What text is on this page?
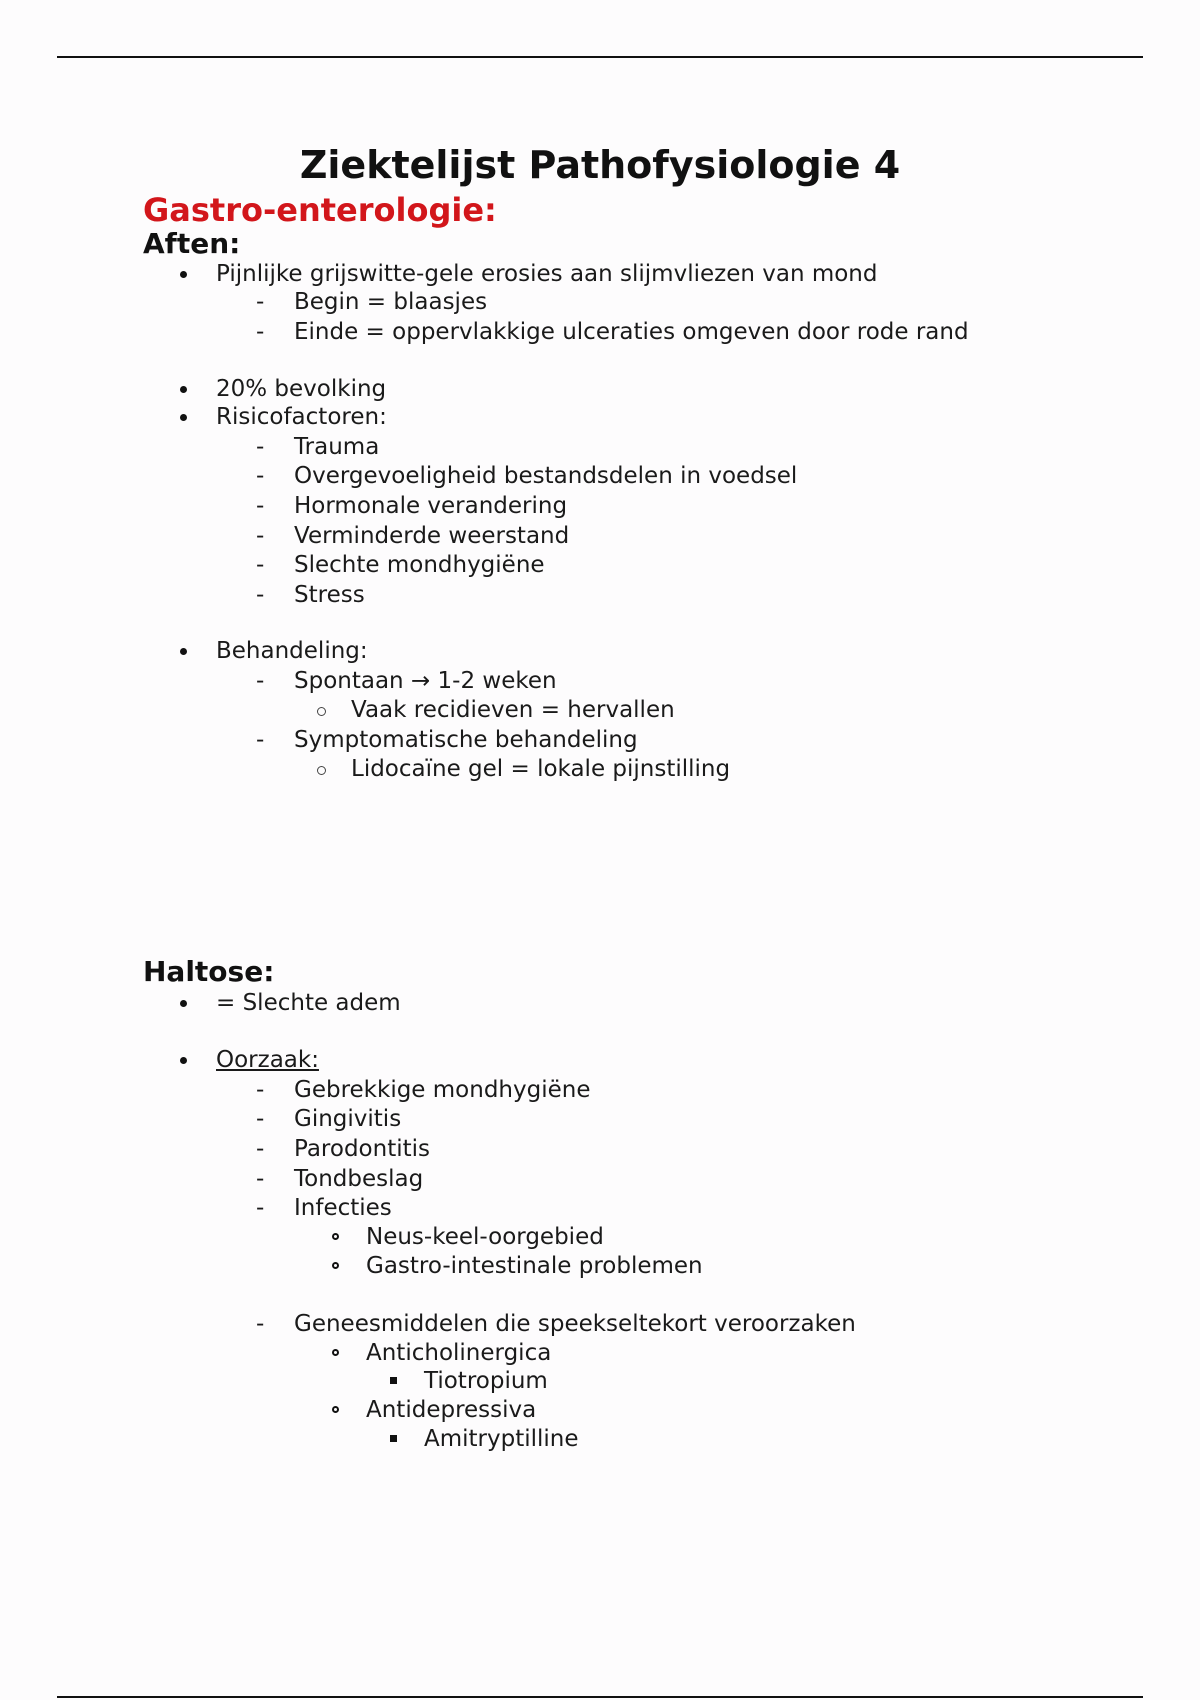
Ziektelijst Pathofysiologie 4
Gastro-enterologie:
Aften:
Pijnlijke grijswitte-gele erosies aan slijmvliezen van mond
- Begin = blaasjes
- Einde = oppervlakkige ulceraties omgeven door rode rand
20% bevolking
Risicofactoren:
- Trauma
- Overgevoeligheid bestandsdelen in voedsel
- Hormonale verandering
- Verminderde weerstand
- Slechte mondhygiëne
- Stress
Behandeling:
- Spontaan → 1-2 weken
Vaak recidieven = hervallen
- Symptomatische behandeling
Lidocaïne gel = lokale pijnstilling
Haltose:
= Slechte adem
Oorzaak:
- Gebrekkige mondhygiëne
- Gingivitis
- Parodontitis
- Tondbeslag
- Infecties
Neus-keel-oorgebied
Gastro-intestinale problemen
- Geneesmiddelen die speekseltekort veroorzaken
Anticholinergica
Tiotropium
Antidepressiva
Amitryptilline
